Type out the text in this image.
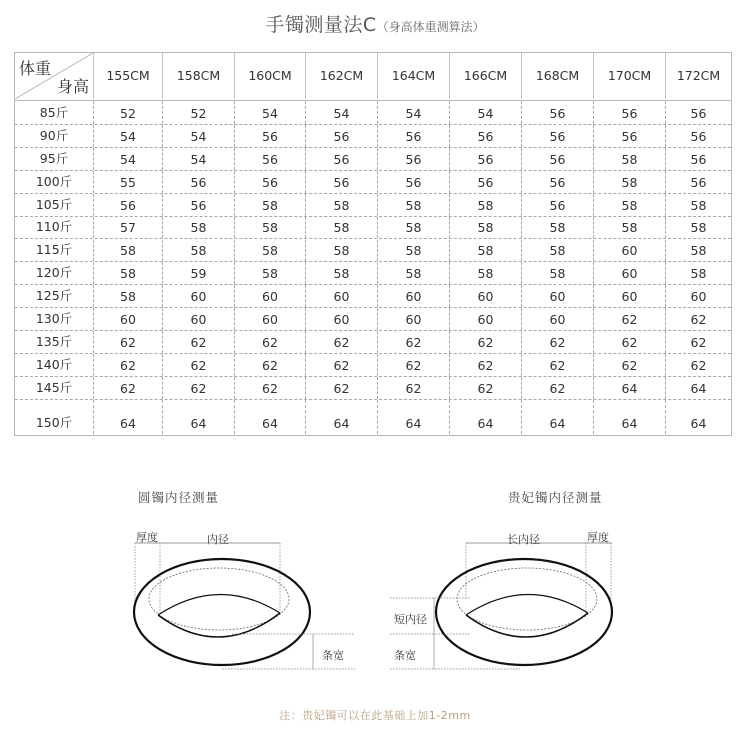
手镯测量法C（身高体重测算法）
体重
身高
155CM	158CM	160CM	162CM	164CM	166CM	168CM	170CM	172CM
85斤	52	52	54	54	54	54	56	56	56
90斤	54	54	56	56	56	56	56	56	56
95斤	54	54	56	56	56	56	56	58	56
100斤	55	56	56	56	56	56	56	58	56
105斤	56	56	58	58	58	58	56	58	58
110斤	57	58	58	58	58	58	58	58	58
115斤	58	58	58	58	58	58	58	60	58
120斤	58	59	58	58	58	58	58	60	58
125斤	58	60	60	60	60	60	60	60	60
130斤	60	60	60	60	60	60	60	62	62
135斤	62	62	62	62	62	62	62	62	62
140斤	62	62	62	62	62	62	62	62	62
145斤	62	62	62	62	62	62	62	64	64
150斤	64	64	64	64	64	64	64	64	64
圆镯内径测量
厚度	内径
条宽
贵妃镯内径测量
长内径	厚度
短内径
条宽
注：贵妃镯可以在此基础上加1-2mm
